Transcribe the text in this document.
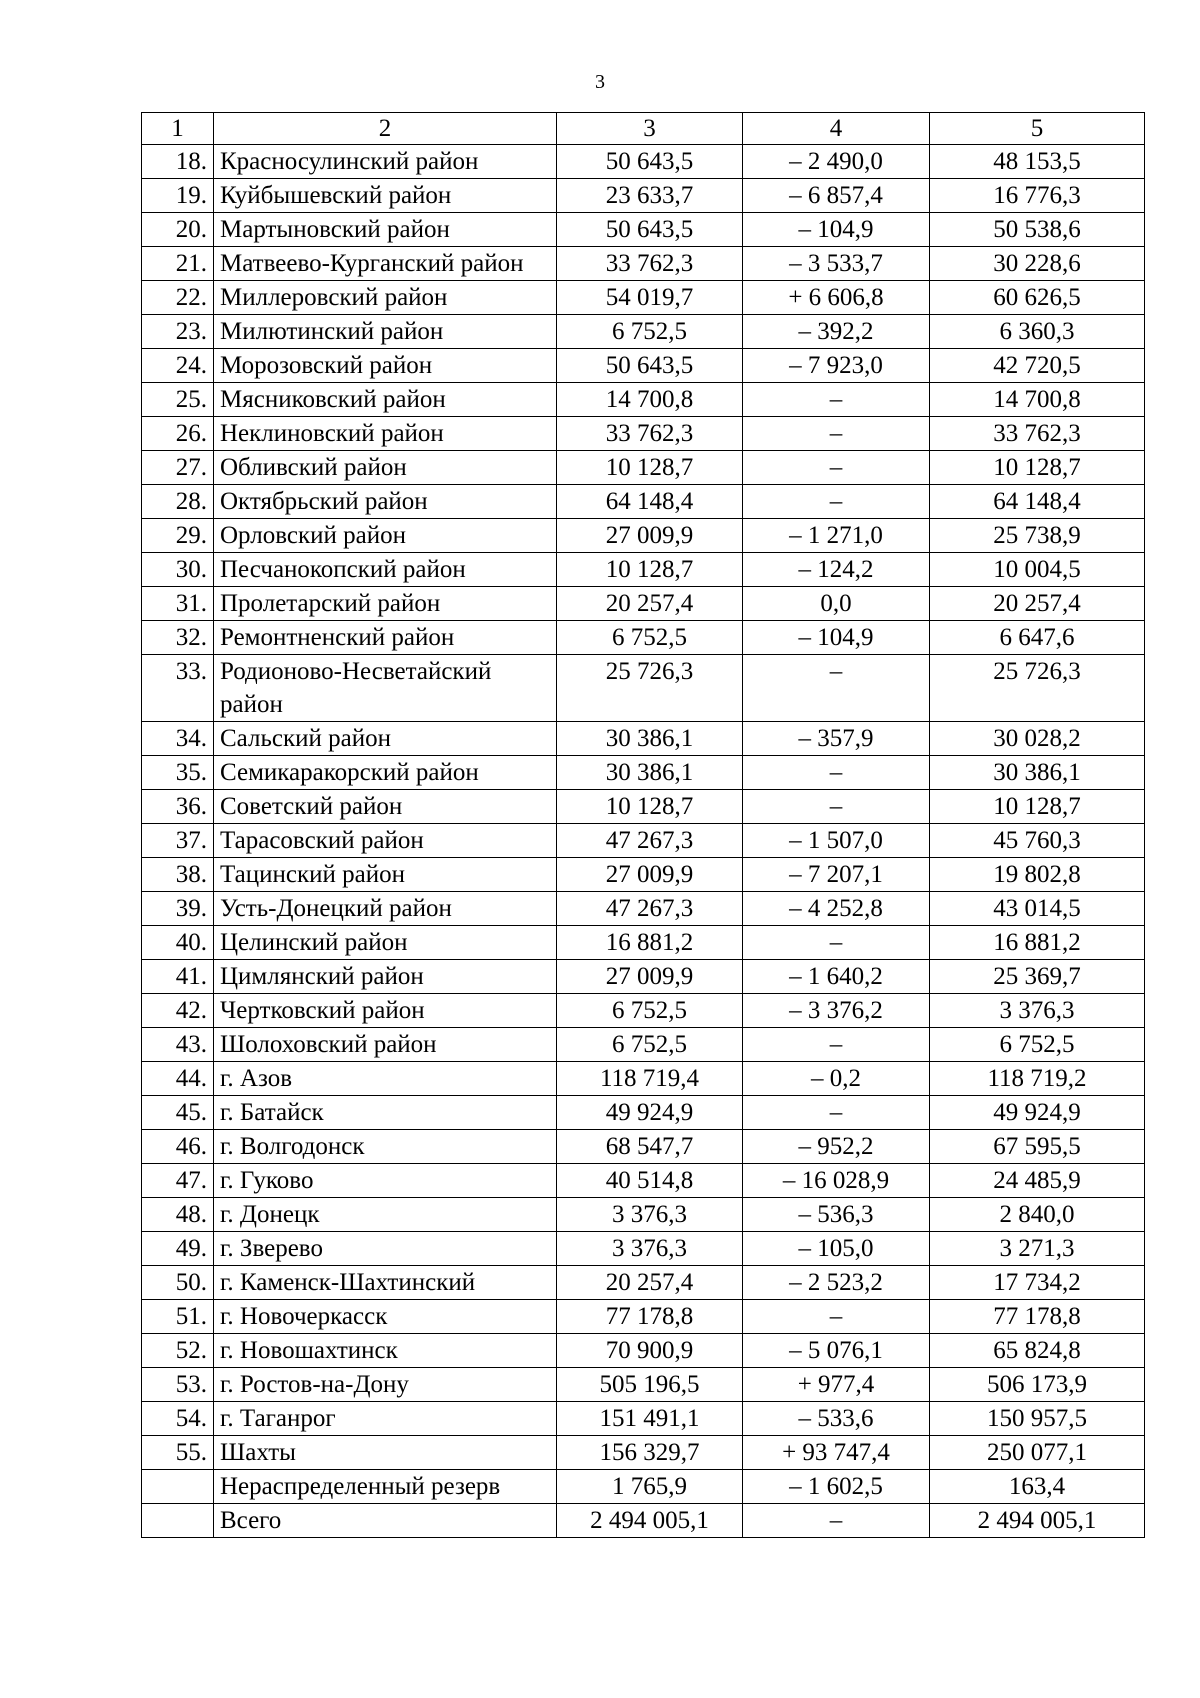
3
1	2	3	4	5
18.	Красносулинский район	50 643,5	– 2 490,0	48 153,5
19.	Куйбышевский район	23 633,7	– 6 857,4	16 776,3
20.	Мартыновский район	50 643,5	– 104,9	50 538,6
21.	Матвеево-Курганский район	33 762,3	– 3 533,7	30 228,6
22.	Миллеровский район	54 019,7	+ 6 606,8	60 626,5
23.	Милютинский район	6 752,5	– 392,2	6 360,3
24.	Морозовский район	50 643,5	– 7 923,0	42 720,5
25.	Мясниковский район	14 700,8	–	14 700,8
26.	Неклиновский район	33 762,3	–	33 762,3
27.	Обливский район	10 128,7	–	10 128,7
28.	Октябрьский район	64 148,4	–	64 148,4
29.	Орловский район	27 009,9	– 1 271,0	25 738,9
30.	Песчанокопский район	10 128,7	– 124,2	10 004,5
31.	Пролетарский район	20 257,4	0,0	20 257,4
32.	Ремонтненский район	6 752,5	– 104,9	6 647,6
33.	Родионово-Несветайский район	25 726,3	–	25 726,3
34.	Сальский район	30 386,1	– 357,9	30 028,2
35.	Семикаракорский район	30 386,1	–	30 386,1
36.	Советский район	10 128,7	–	10 128,7
37.	Тарасовский район	47 267,3	– 1 507,0	45 760,3
38.	Тацинский район	27 009,9	– 7 207,1	19 802,8
39.	Усть-Донецкий район	47 267,3	– 4 252,8	43 014,5
40.	Целинский район	16 881,2	–	16 881,2
41.	Цимлянский район	27 009,9	– 1 640,2	25 369,7
42.	Чертковский район	6 752,5	– 3 376,2	3 376,3
43.	Шолоховский район	6 752,5	–	6 752,5
44.	г. Азов	118 719,4	– 0,2	118 719,2
45.	г. Батайск	49 924,9	–	49 924,9
46.	г. Волгодонск	68 547,7	– 952,2	67 595,5
47.	г. Гуково	40 514,8	– 16 028,9	24 485,9
48.	г. Донецк	3 376,3	– 536,3	2 840,0
49.	г. Зверево	3 376,3	– 105,0	3 271,3
50.	г. Каменск-Шахтинский	20 257,4	– 2 523,2	17 734,2
51.	г. Новочеркасск	77 178,8	–	77 178,8
52.	г. Новошахтинск	70 900,9	– 5 076,1	65 824,8
53.	г. Ростов-на-Дону	505 196,5	+ 977,4	506 173,9
54.	г. Таганрог	151 491,1	– 533,6	150 957,5
55.	Шахты	156 329,7	+ 93 747,4	250 077,1
	Нераспределенный резерв	1 765,9	– 1 602,5	163,4
	Всего	2 494 005,1	–	2 494 005,1
